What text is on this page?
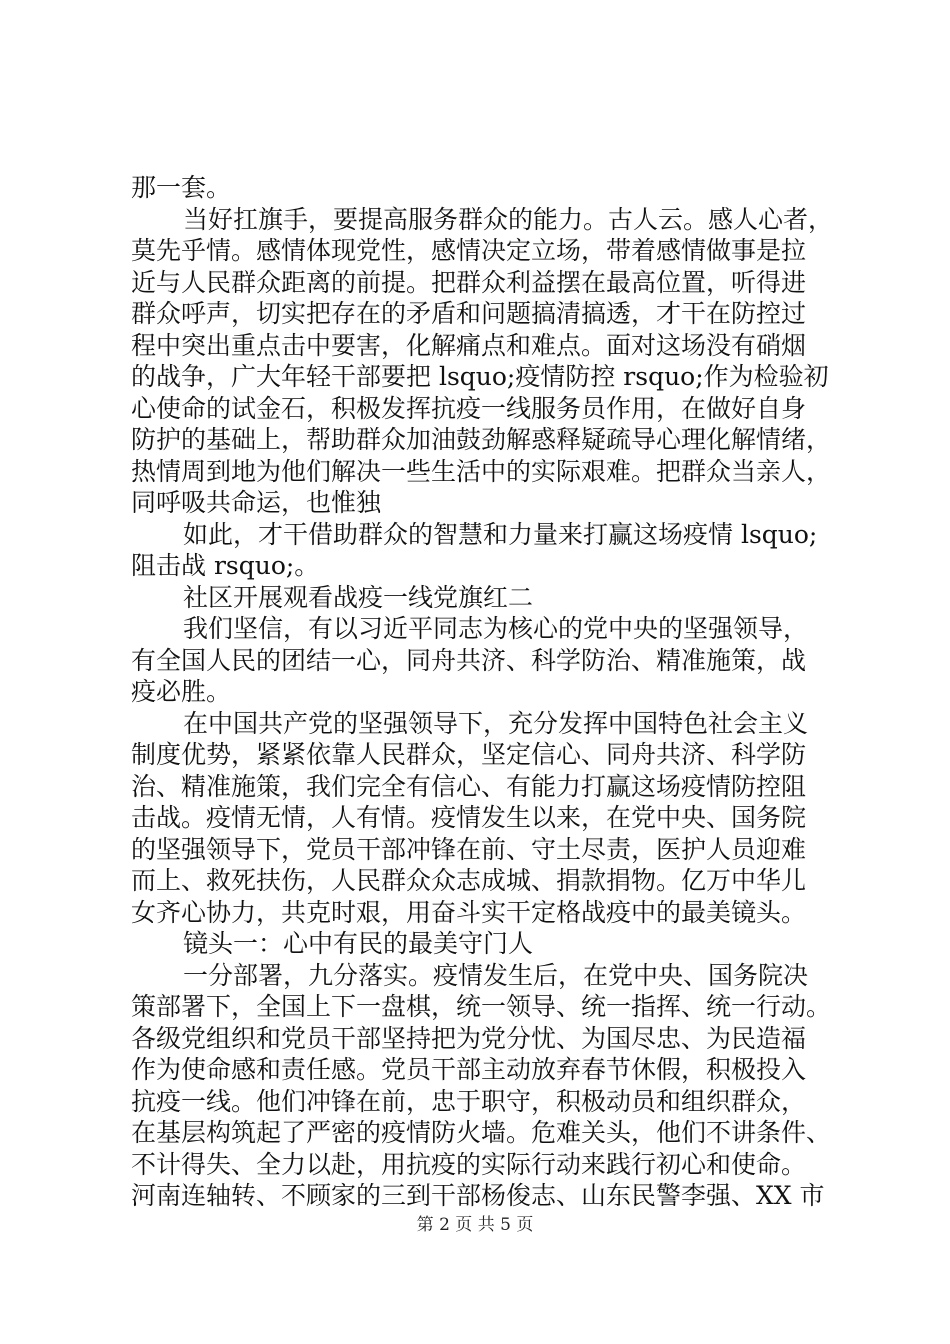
那一套。
当好扛旗手，要提高服务群众的能力。古人云。感人心者，
莫先乎情。感情体现党性，感情决定立场，带着感情做事是拉
近与人民群众距离的前提。把群众利益摆在最高位置，听得进
群众呼声，切实把存在的矛盾和问题搞清搞透，才干在防控过
程中突出重点击中要害，化解痛点和难点。面对这场没有硝烟
的战争，广大年轻干部要把 lsquo;疫情防控 rsquo;作为检验初
心使命的试金石，积极发挥抗疫一线服务员作用，在做好自身
防护的基础上，帮助群众加油鼓劲解惑释疑疏导心理化解情绪，
热情周到地为他们解决一些生活中的实际艰难。把群众当亲人，
同呼吸共命运，也惟独
如此，才干借助群众的智慧和力量来打赢这场疫情 lsquo;
阻击战 rsquo;。
社区开展观看战疫一线党旗红二
我们坚信，有以习近平同志为核心的党中央的坚强领导，
有全国人民的团结一心，同舟共济、科学防治、精准施策，战
疫必胜。
在中国共产党的坚强领导下，充分发挥中国特色社会主义
制度优势，紧紧依靠人民群众，坚定信心、同舟共济、科学防
治、精准施策，我们完全有信心、有能力打赢这场疫情防控阻
击战。疫情无情，人有情。疫情发生以来，在党中央、国务院
的坚强领导下，党员干部冲锋在前、守土尽责，医护人员迎难
而上、救死扶伤，人民群众众志成城、捐款捐物。亿万中华儿
女齐心协力，共克时艰，用奋斗实干定格战疫中的最美镜头。
镜头一：心中有民的最美守门人
一分部署，九分落实。疫情发生后，在党中央、国务院决
策部署下，全国上下一盘棋，统一领导、统一指挥、统一行动。
各级党组织和党员干部坚持把为党分忧、为国尽忠、为民造福
作为使命感和责任感。党员干部主动放弃春节休假，积极投入
抗疫一线。他们冲锋在前，忠于职守，积极动员和组织群众，
在基层构筑起了严密的疫情防火墙。危难关头，他们不讲条件、
不计得失、全力以赴，用抗疫的实际行动来践行初心和使命。
河南连轴转、不顾家的三到干部杨俊志、山东民警李强、XX 市
第 2 页 共 5 页
